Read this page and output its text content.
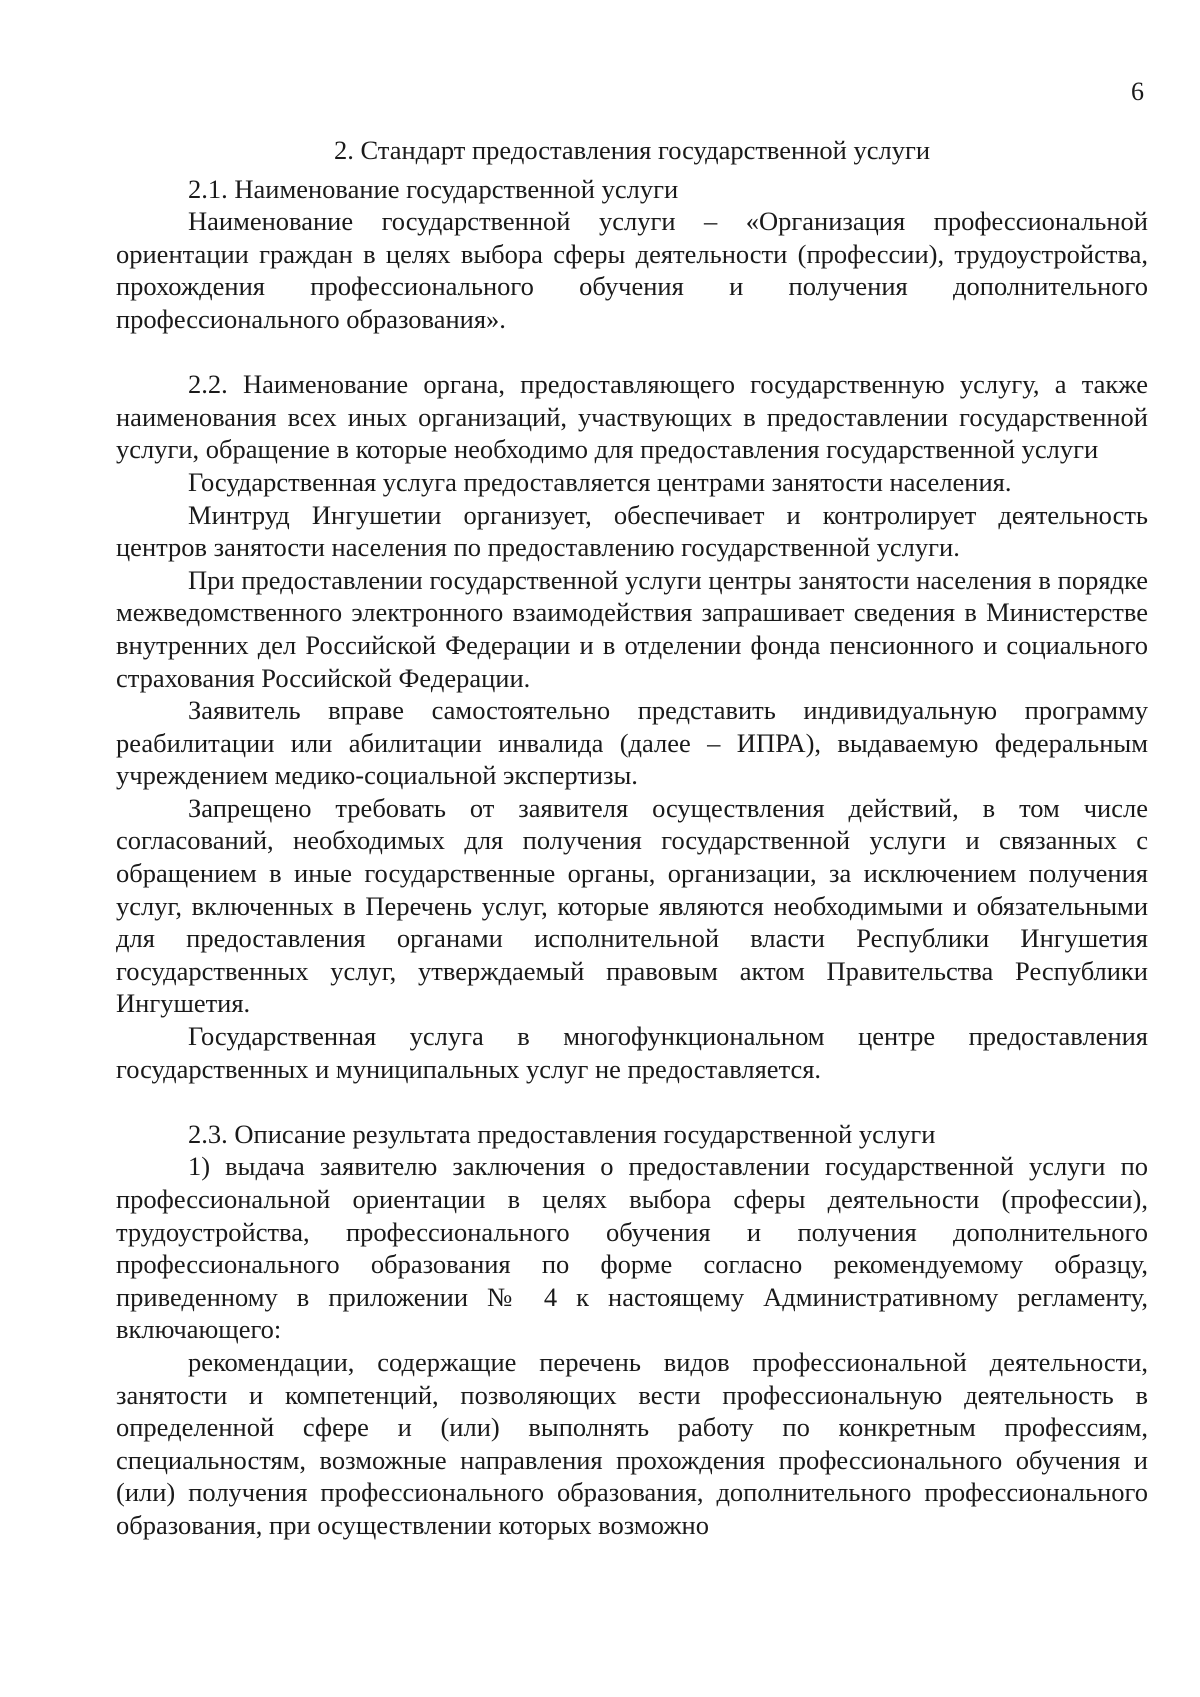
6

2. Стандарт предоставления государственной услуги

2.1. Наименование государственной услуги

Наименование государственной услуги – «Организация профессиональной ориентации граждан в целях выбора сферы деятельности (профессии), трудоустройства, прохождения профессионального обучения и получения дополнительного профессионального образования».

2.2. Наименование органа, предоставляющего государственную услугу, а также наименования всех иных организаций, участвующих в предоставлении государственной услуги, обращение в которые необходимо для предоставления государственной услуги

Государственная услуга предоставляется центрами занятости населения.

Минтруд Ингушетии организует, обеспечивает и контролирует деятельность центров занятости населения по предоставлению государственной услуги.

При предоставлении государственной услуги центры занятости населения в порядке межведомственного электронного взаимодействия запрашивает сведения в Министерстве внутренних дел Российской Федерации и в отделении фонда пенсионного и социального страхования Российской Федерации.

Заявитель вправе самостоятельно представить индивидуальную программу реабилитации или абилитации инвалида (далее – ИПРА), выдаваемую федеральным учреждением медико-социальной экспертизы.

Запрещено требовать от заявителя осуществления действий, в том числе согласований, необходимых для получения государственной услуги и связанных с обращением в иные государственные органы, организации, за исключением получения услуг, включенных в Перечень услуг, которые являются необходимыми и обязательными для предоставления органами исполнительной власти Республики Ингушетия государственных услуг, утверждаемый правовым актом Правительства Республики Ингушетия.

Государственная услуга в многофункциональном центре предоставления государственных и муниципальных услуг не предоставляется.

2.3. Описание результата предоставления государственной услуги

1) выдача заявителю заключения о предоставлении государственной услуги по профессиональной ориентации в целях выбора сферы деятельности (профессии), трудоустройства, профессионального обучения и получения дополнительного профессионального образования по форме согласно рекомендуемому образцу, приведенному в приложении № 4 к настоящему Административному регламенту, включающего:

рекомендации, содержащие перечень видов профессиональной деятельности, занятости и компетенций, позволяющих вести профессиональную деятельность в определенной сфере и (или) выполнять работу по конкретным профессиям, специальностям, возможные направления прохождения профессионального обучения и (или) получения профессионального образования, дополнительного профессионального образования, при осуществлении которых возможно
